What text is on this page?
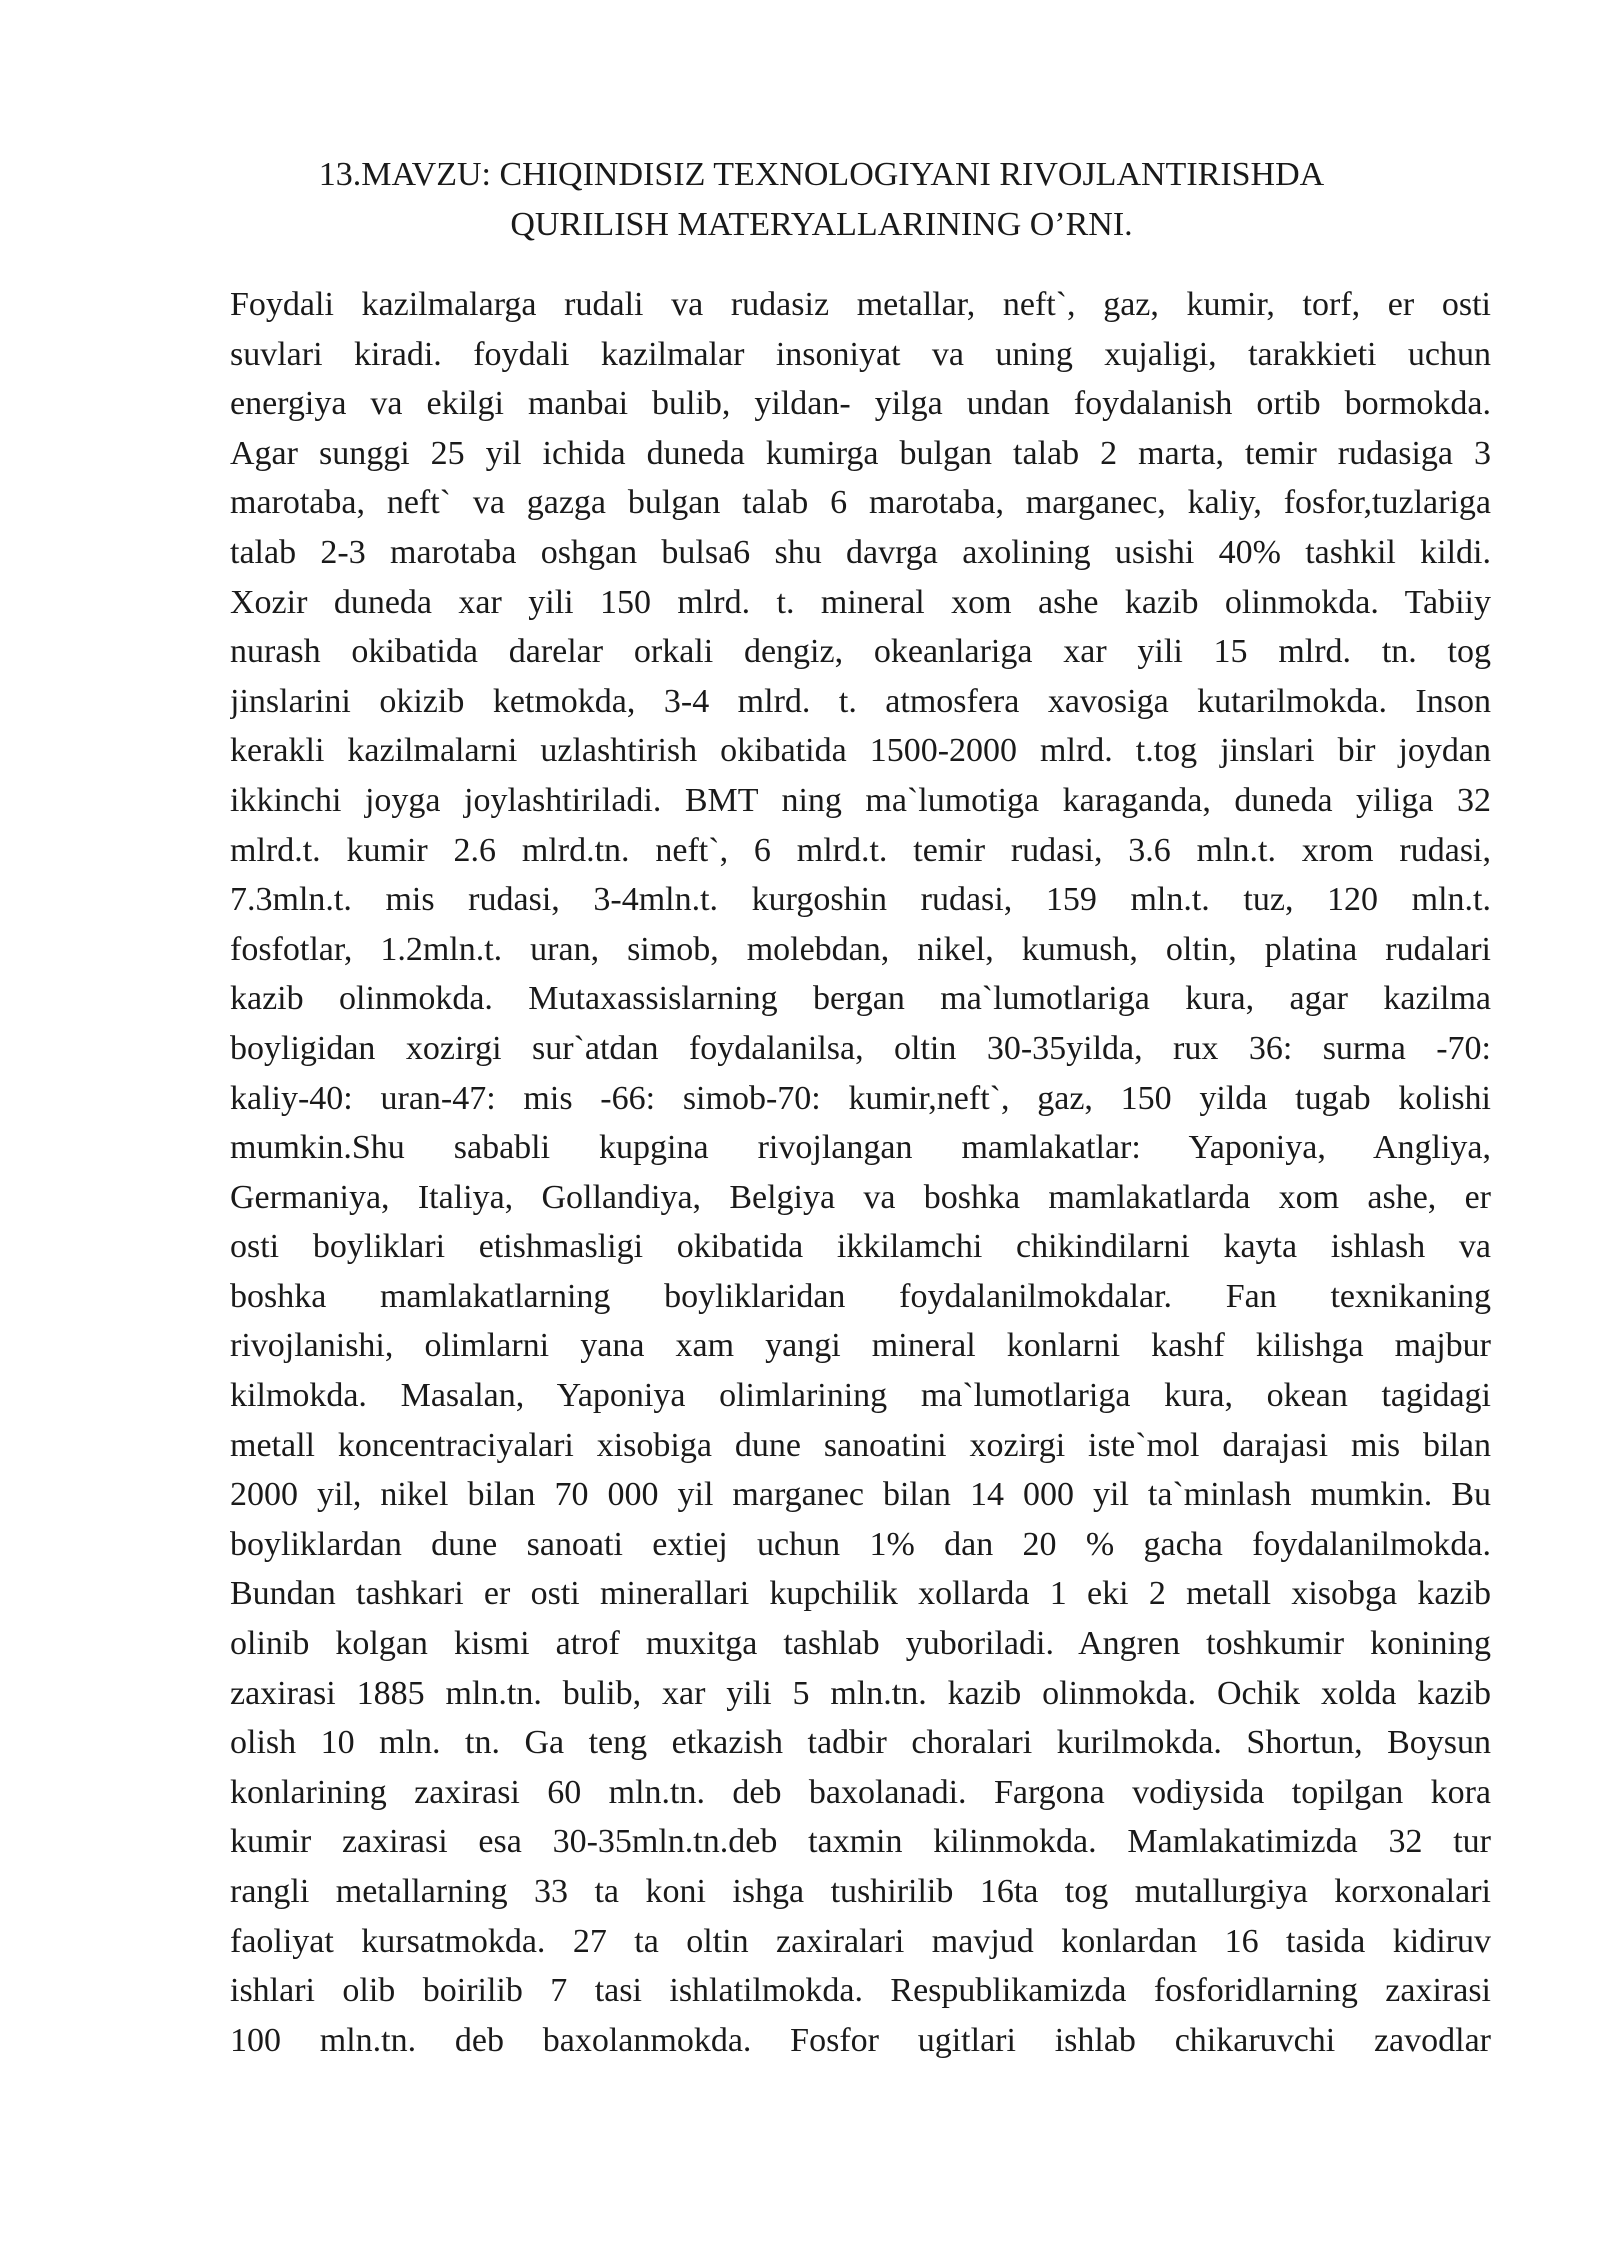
13.MAVZU: CHIQINDISIZ TEXNOLOGIYANI RIVOJLANTIRISHDA
QURILISH MATERYALLARINING O’RNI.
Foydali kazilmalarga rudali va rudasiz metallar, neft`, gaz, kumir, torf, er osti
suvlari kiradi. foydali kazilmalar insoniyat va uning xujaligi, tarakkieti uchun
energiya va ekilgi manbai bulib, yildan- yilga undan foydalanish ortib bormokda.
Agar sunggi 25 yil ichida duneda kumirga bulgan talab 2 marta, temir rudasiga 3
marotaba, neft` va gazga bulgan talab 6 marotaba, marganec, kaliy, fosfor,tuzlariga
talab 2-3 marotaba oshgan bulsa6 shu davrga axolining usishi 40% tashkil kildi.
Xozir duneda xar yili 150 mlrd. t. mineral xom ashe kazib olinmokda. Tabiiy
nurash okibatida darelar orkali dengiz, okeanlariga xar yili 15 mlrd. tn. tog
jinslarini okizib ketmokda, 3-4 mlrd. t. atmosfera xavosiga kutarilmokda. Inson
kerakli kazilmalarni uzlashtirish okibatida 1500-2000 mlrd. t.tog jinslari bir joydan
ikkinchi joyga joylashtiriladi. BMT ning ma`lumotiga karaganda, duneda yiliga 32
mlrd.t. kumir 2.6 mlrd.tn. neft`, 6 mlrd.t. temir rudasi, 3.6 mln.t. xrom rudasi,
7.3mln.t. mis rudasi, 3-4mln.t. kurgoshin rudasi, 159 mln.t. tuz, 120 mln.t.
fosfotlar, 1.2mln.t. uran, simob, molebdan, nikel, kumush, oltin, platina rudalari
kazib olinmokda. Mutaxassislarning bergan ma`lumotlariga kura, agar kazilma
boyligidan xozirgi sur`atdan foydalanilsa, oltin 30-35yilda, rux 36: surma -70:
kaliy-40: uran-47: mis -66: simob-70: kumir,neft`, gaz, 150 yilda tugab kolishi
mumkin.Shu sababli kupgina rivojlangan mamlakatlar: Yaponiya, Angliya,
Germaniya, Italiya, Gollandiya, Belgiya va boshka mamlakatlarda xom ashe, er
osti boyliklari etishmasligi okibatida ikkilamchi chikindilarni kayta ishlash va
boshka mamlakatlarning boyliklaridan foydalanilmokdalar. Fan texnikaning
rivojlanishi, olimlarni yana xam yangi mineral konlarni kashf kilishga majbur
kilmokda. Masalan, Yaponiya olimlarining ma`lumotlariga kura, okean tagidagi
metall koncentraciyalari xisobiga dune sanoatini xozirgi iste`mol darajasi mis bilan
2000 yil, nikel bilan 70 000 yil marganec bilan 14 000 yil ta`minlash mumkin. Bu
boyliklardan dune sanoati extiej uchun 1% dan 20 % gacha foydalanilmokda.
Bundan tashkari er osti minerallari kupchilik xollarda 1 eki 2 metall xisobga kazib
olinib kolgan kismi atrof muxitga tashlab yuboriladi. Angren toshkumir konining
zaxirasi 1885 mln.tn. bulib, xar yili 5 mln.tn. kazib olinmokda. Ochik xolda kazib
olish 10 mln. tn. Ga teng etkazish tadbir choralari kurilmokda. Shortun, Boysun
konlarining zaxirasi 60 mln.tn. deb baxolanadi. Fargona vodiysida topilgan kora
kumir zaxirasi esa 30-35mln.tn.deb taxmin kilinmokda. Mamlakatimizda 32 tur
rangli metallarning 33 ta koni ishga tushirilib 16ta tog mutallurgiya korxonalari
faoliyat kursatmokda. 27 ta oltin zaxiralari mavjud konlardan 16 tasida kidiruv
ishlari olib boirilib 7 tasi ishlatilmokda. Respublikamizda fosforidlarning zaxirasi
100 mln.tn. deb baxolanmokda. Fosfor ugitlari ishlab chikaruvchi zavodlar
